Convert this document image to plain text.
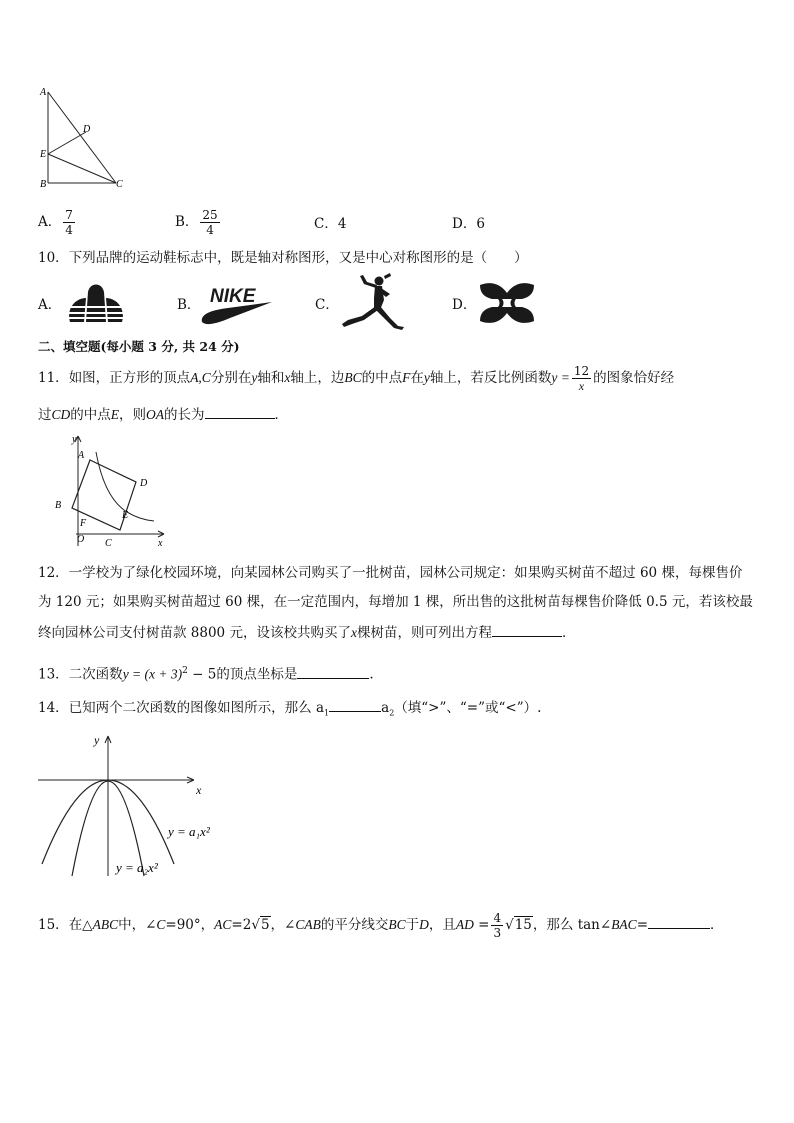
A
D
E
B	C
A． $\frac{7}{4}$	B． $\frac{25}{4}$	C．4	D．6
10．下列品牌的运动鞋标志中，既是轴对称图形，又是中心对称图形的是（　　）
A．	B． NIKE	C．	D．
二、填空题(每小题 3 分, 共 24 分)
11．如图，正方形的顶点A,C分别在y轴和x轴上，边BC的中点F在y轴上，若反比例函数$y = \frac{12}{x}$ 的图象恰好经
过CD的中点E，则OA的长为	．
y
A
D
B
E
F
O C	x
12．一学校为了绿化校园环境，向某园林公司购买了一批树苗，园林公司规定：如果购买树苗不超过 60 棵，每棵售价
为 120 元；如果购买树苗超过 60 棵，在一定范围内，每增加 1 棵，所出售的这批树苗每棵售价降低 0.5 元，若该校最
终向园林公司支付树苗款 8800 元，设该校共购买了x棵树苗，则可列出方程	．
13．二次函数$y = (x + 3)^2 - 5$的顶点坐标是	.
14．已知两个二次函数的图像如图所示，那么 $a_1$	$a_2$（填“>”、“=”或“<”）.
y
x
y = a₁x²
y = a₂x²
15．在△ABC中，∠C=90°，AC=2√5，∠CAB的平分线交BC于D，且AD = $\frac{4}{3} √15$，那么 tan∠BAC=	．
